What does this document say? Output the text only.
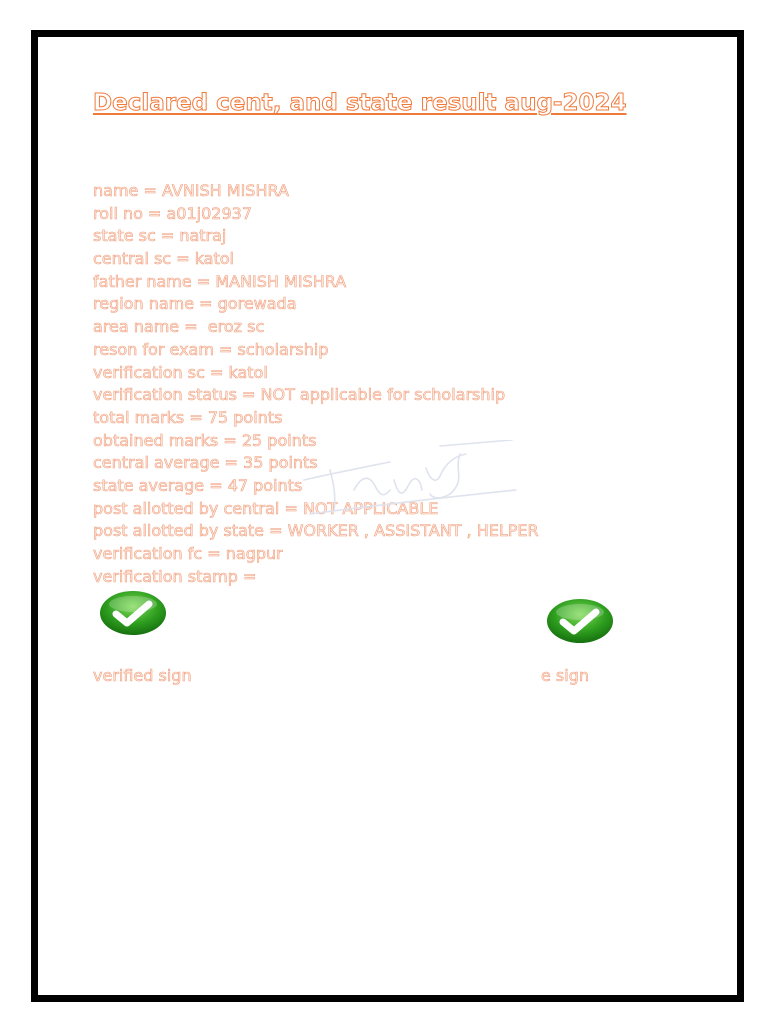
Declared cent, and state result aug-2024
name = AVNISH MISHRA
roll no = a01j02937
state sc = natraj
central sc = katol
father name = MANISH MISHRA
region name = gorewada
area name =  eroz sc
reson for exam = scholarship
verification sc = katol
verification status = NOT applicable for scholarship
total marks = 75 points
obtained marks = 25 points
central average = 35 points
state average = 47 points
post allotted by central = NOT APPLICABLE
post allotted by state = WORKER , ASSISTANT , HELPER
verification fc = nagpur
verification stamp =
verified sign	e sign
